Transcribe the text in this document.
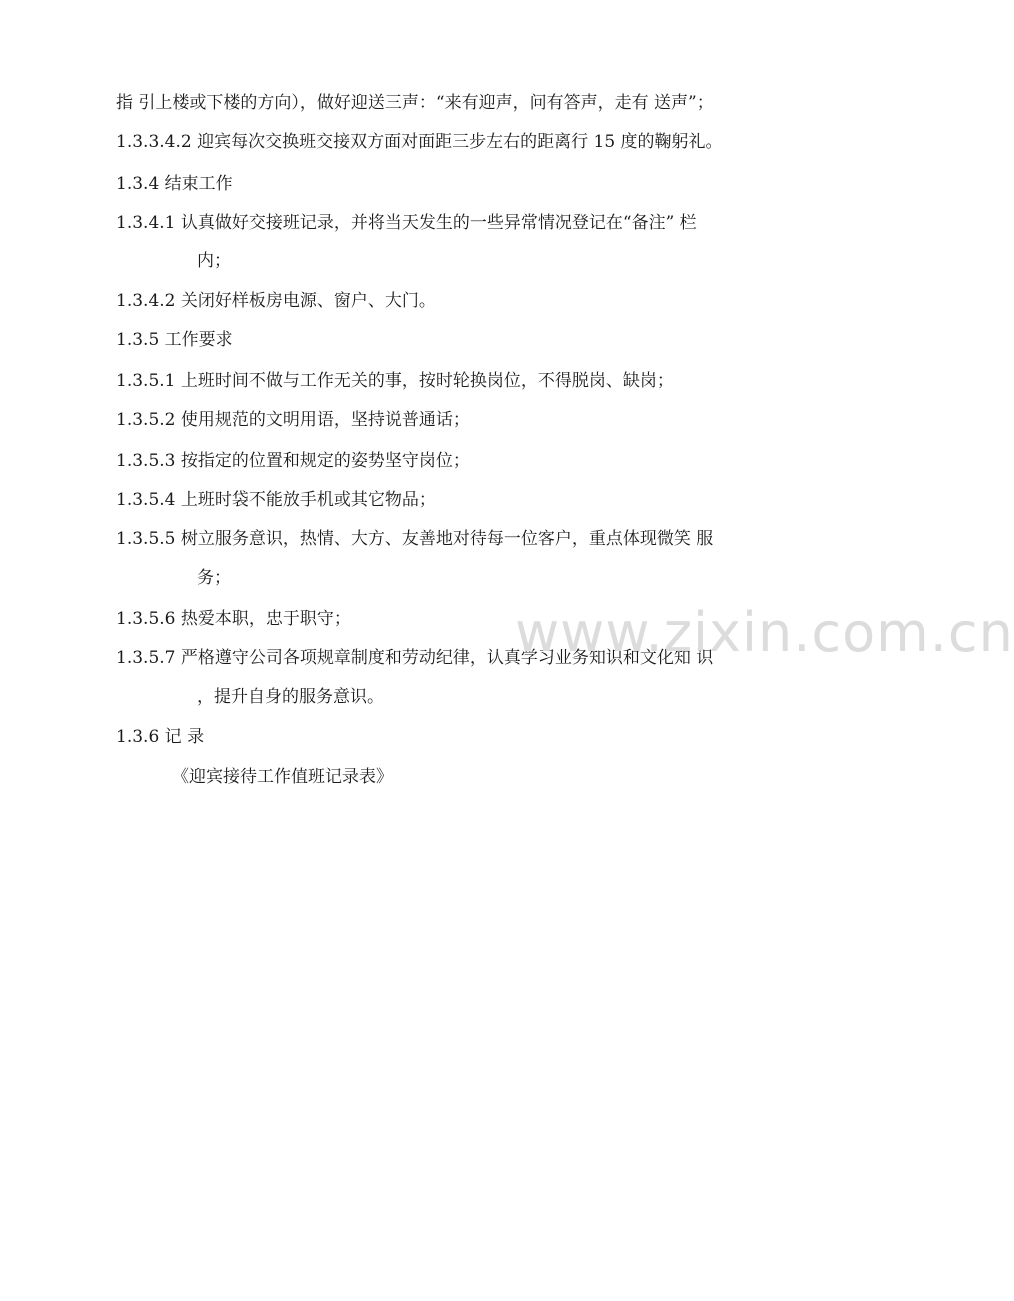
指 引上楼或下楼的方向），做好迎送三声：“来有迎声，问有答声，走有 送声”；
1.3.3.4.2 迎宾每次交换班交接双方面对面距三步左右的距离行 15 度的鞠躬礼。
1.3.4 结束工作
1.3.4.1 认真做好交接班记录，并将当天发生的一些异常情况登记在“备注” 栏
内；
1.3.4.2 关闭好样板房电源、窗户、大门。
1.3.5 工作要求
1.3.5.1 上班时间不做与工作无关的事，按时轮换岗位，不得脱岗、缺岗；
1.3.5.2 使用规范的文明用语，坚持说普通话；
1.3.5.3 按指定的位置和规定的姿势坚守岗位；
1.3.5.4 上班时袋不能放手机或其它物品；
1.3.5.5 树立服务意识，热情、大方、友善地对待每一位客户，重点体现微笑 服
务；
1.3.5.6 热爱本职，忠于职守；
1.3.5.7 严格遵守公司各项规章制度和劳动纪律，认真学习业务知识和文化知 识
，提升自身的服务意识。
1.3.6 记 录
《迎宾接待工作值班记录表》
www.zixin.com.cn
